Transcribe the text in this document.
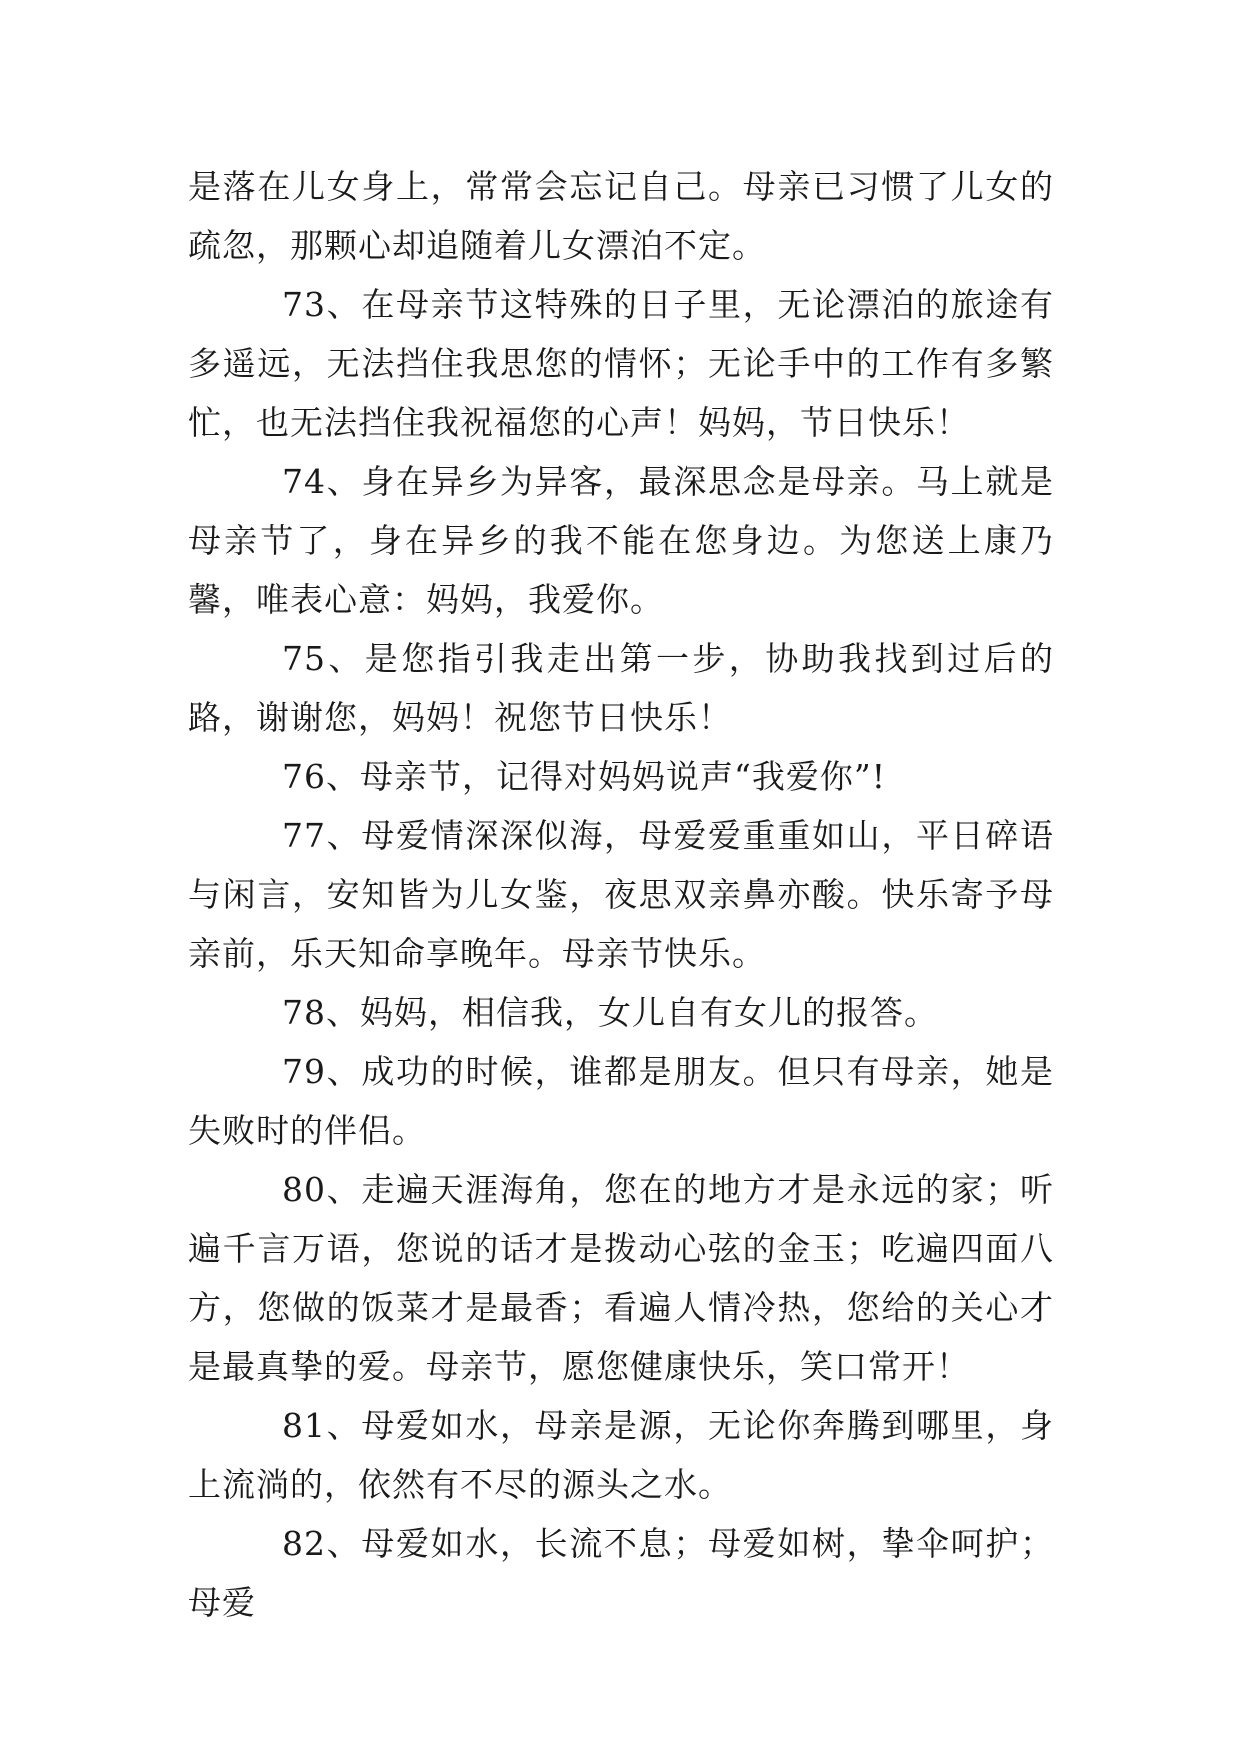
是落在儿女身上，常常会忘记自己。母亲已习惯了儿女的疏忽，那颗心却追随着儿女漂泊不定。

73、在母亲节这特殊的日子里，无论漂泊的旅途有多遥远，无法挡住我思您的情怀；无论手中的工作有多繁忙，也无法挡住我祝福您的心声！妈妈，节日快乐！

74、身在异乡为异客，最深思念是母亲。马上就是母亲节了，身在异乡的我不能在您身边。为您送上康乃馨，唯表心意：妈妈，我爱你。

75、是您指引我走出第一步，协助我找到过后的路，谢谢您，妈妈！祝您节日快乐！

76、母亲节，记得对妈妈说声“我爱你”!

77、母爱情深深似海，母爱爱重重如山，平日碎语与闲言，安知皆为儿女鉴，夜思双亲鼻亦酸。快乐寄予母亲前，乐天知命享晚年。母亲节快乐。

78、妈妈，相信我，女儿自有女儿的报答。

79、成功的时候，谁都是朋友。但只有母亲，她是失败时的伴侣。

80、走遍天涯海角，您在的地方才是永远的家；听遍千言万语，您说的话才是拨动心弦的金玉；吃遍四面八方，您做的饭菜才是最香；看遍人情冷热，您给的关心才是最真挚的爱。母亲节，愿您健康快乐，笑口常开！

81、母爱如水，母亲是源，无论你奔腾到哪里，身上流淌的，依然有不尽的源头之水。

82、母爱如水，长流不息；母爱如树，挚伞呵护；母爱
